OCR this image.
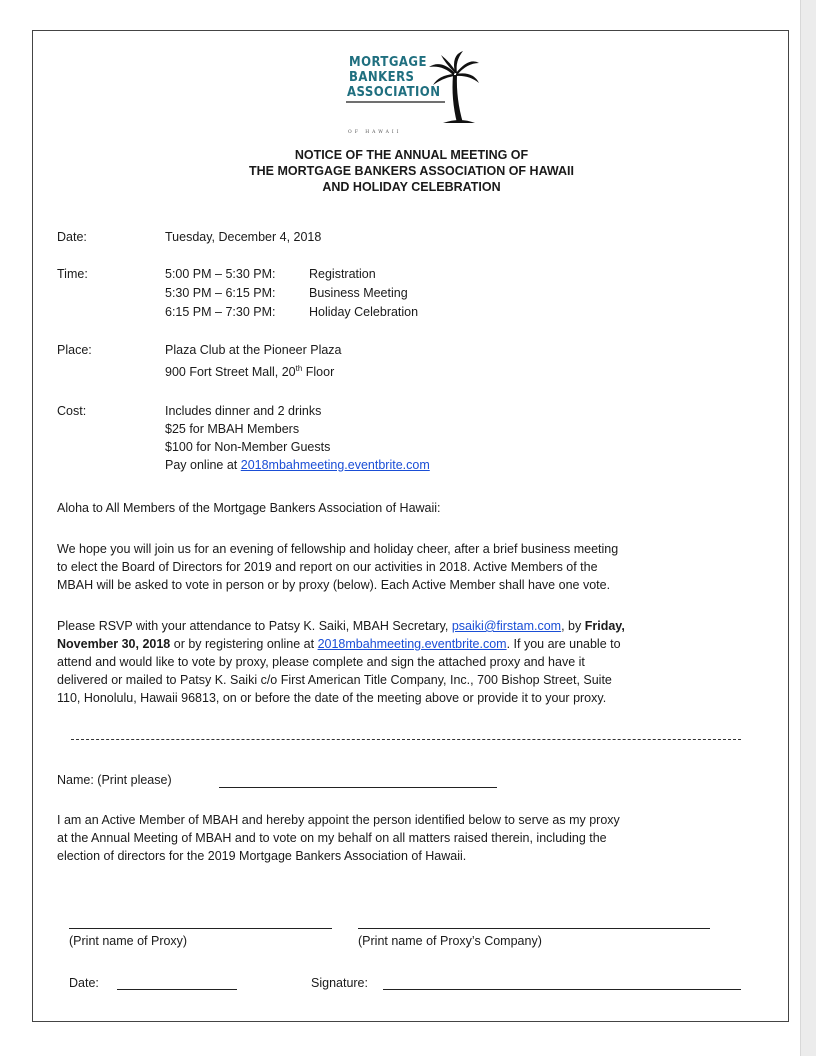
MORTGAGE
BANKERS
ASSOCIATION
OF HAWAII
NOTICE OF THE ANNUAL MEETING OF
THE MORTGAGE BANKERS ASSOCIATION OF HAWAII
AND HOLIDAY CELEBRATION
Date:	Tuesday, December 4, 2018
Time:	5:00 PM – 5:30 PM:	Registration
5:30 PM – 6:15 PM:	Business Meeting
6:15 PM – 7:30 PM:	Holiday Celebration
Place:	Plaza Club at the Pioneer Plaza
900 Fort Street Mall, 20th Floor
Cost:	Includes dinner and 2 drinks
$25 for MBAH Members
$100 for Non-Member Guests
Pay online at 2018mbahmeeting.eventbrite.com
Aloha to All Members of the Mortgage Bankers Association of Hawaii:
We hope you will join us for an evening of fellowship and holiday cheer, after a brief business meeting
to elect the Board of Directors for 2019 and report on our activities in 2018. Active Members of the
MBAH will be asked to vote in person or by proxy (below). Each Active Member shall have one vote.
Please RSVP with your attendance to Patsy K. Saiki, MBAH Secretary, psaiki@firstam.com, by Friday,
November 30, 2018 or by registering online at 2018mbahmeeting.eventbrite.com. If you are unable to
attend and would like to vote by proxy, please complete and sign the attached proxy and have it
delivered or mailed to Patsy K. Saiki c/o First American Title Company, Inc., 700 Bishop Street, Suite
110, Honolulu, Hawaii 96813, on or before the date of the meeting above or provide it to your proxy.
Name: (Print please)
I am an Active Member of MBAH and hereby appoint the person identified below to serve as my proxy
at the Annual Meeting of MBAH and to vote on my behalf on all matters raised therein, including the
election of directors for the 2019 Mortgage Bankers Association of Hawaii.
(Print name of Proxy)	(Print name of Proxy’s Company)
Date:	Signature:
